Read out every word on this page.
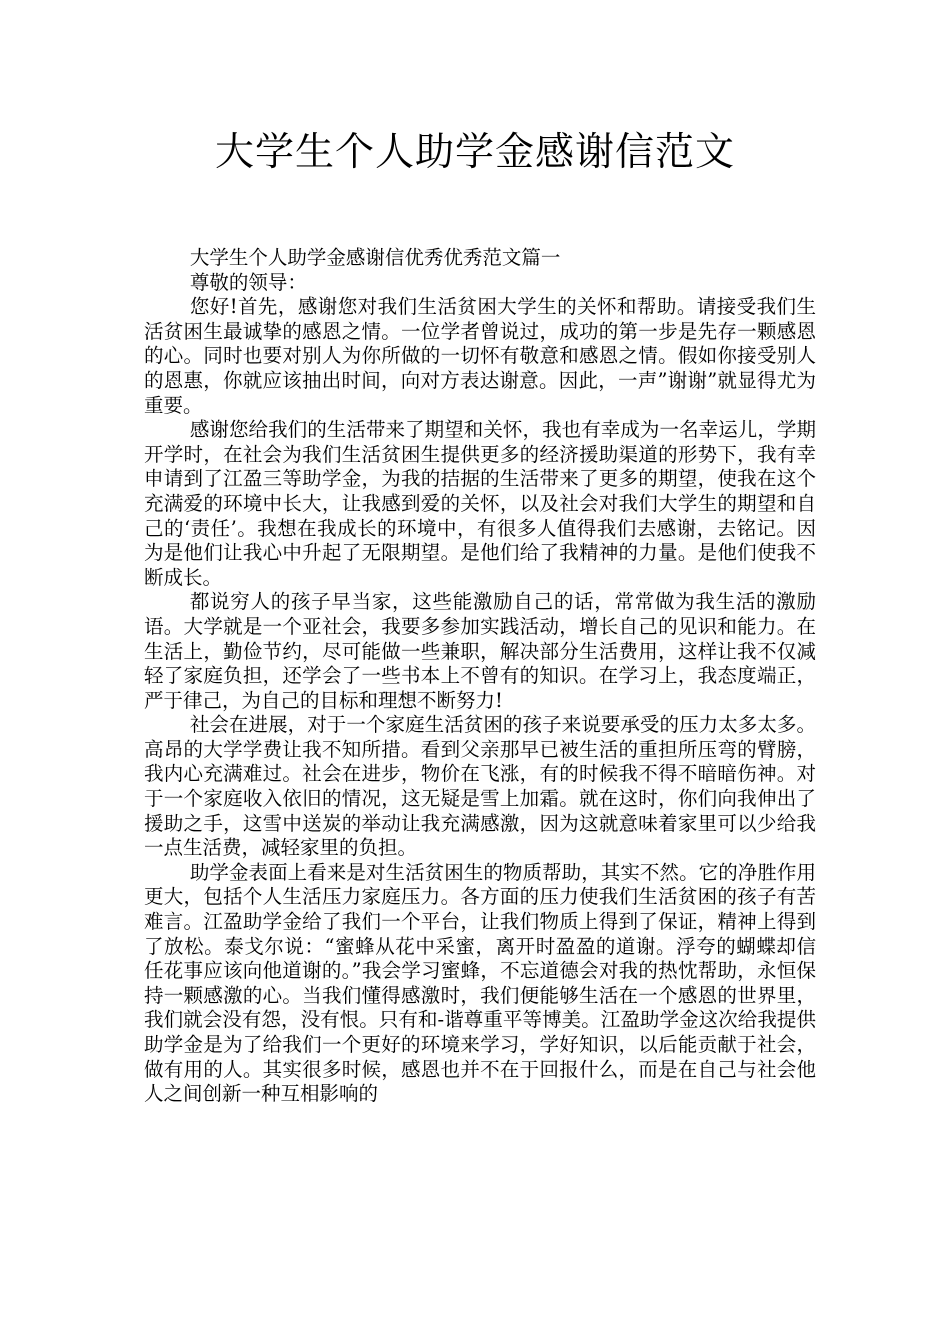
大学生个人助学金感谢信范文

大学生个人助学金感谢信优秀优秀范文篇一

尊敬的领导：

您好!首先，感谢您对我们生活贫困大学生的关怀和帮助。请接受我们生活贫困生最诚挚的感恩之情。一位学者曾说过，成功的第一步是先存一颗感恩的心。同时也要对别人为你所做的一切怀有敬意和感恩之情。假如你接受别人的恩惠，你就应该抽出时间，向对方表达谢意。因此，一声”谢谢”就显得尤为重要。

感谢您给我们的生活带来了期望和关怀，我也有幸成为一名幸运儿，学期开学时，在社会为我们生活贫困生提供更多的经济援助渠道的形势下，我有幸申请到了江盈三等助学金，为我的拮据的生活带来了更多的期望，使我在这个充满爱的环境中长大，让我感到爱的关怀，以及社会对我们大学生的期望和自己的‘责任’。我想在我成长的环境中，有很多人值得我们去感谢，去铭记。因为是他们让我心中升起了无限期望。是他们给了我精神的力量。是他们使我不断成长。

都说穷人的孩子早当家，这些能激励自己的话，常常做为我生活的激励语。大学就是一个亚社会，我要多参加实践活动，增长自己的见识和能力。在生活上，勤俭节约，尽可能做一些兼职，解决部分生活费用，这样让我不仅减轻了家庭负担，还学会了一些书本上不曾有的知识。在学习上，我态度端正，严于律己，为自己的目标和理想不断努力!

社会在进展，对于一个家庭生活贫困的孩子来说要承受的压力太多太多。高昂的大学学费让我不知所措。看到父亲那早已被生活的重担所压弯的臂膀，我内心充满难过。社会在进步，物价在飞涨，有的时候我不得不暗暗伤神。对于一个家庭收入依旧的情况，这无疑是雪上加霜。就在这时，你们向我伸出了援助之手，这雪中送炭的举动让我充满感激，因为这就意味着家里可以少给我一点生活费，减轻家里的负担。

助学金表面上看来是对生活贫困生的物质帮助，其实不然。它的净胜作用更大，包括个人生活压力家庭压力。各方面的压力使我们生活贫困的孩子有苦难言。江盈助学金给了我们一个平台，让我们物质上得到了保证，精神上得到了放松。泰戈尔说：“蜜蜂从花中采蜜，离开时盈盈的道谢。浮夸的蝴蝶却信任花事应该向他道谢的。”我会学习蜜蜂，不忘道德会对我的热忱帮助，永恒保持一颗感激的心。当我们懂得感激时，我们便能够生活在一个感恩的世界里，我们就会没有怨，没有恨。只有和-谐尊重平等博美。江盈助学金这次给我提供助学金是为了给我们一个更好的环境来学习，学好知识，以后能贡献于社会，做有用的人。其实很多时候，感恩也并不在于回报什么，而是在自己与社会他人之间创新一种互相影响的
